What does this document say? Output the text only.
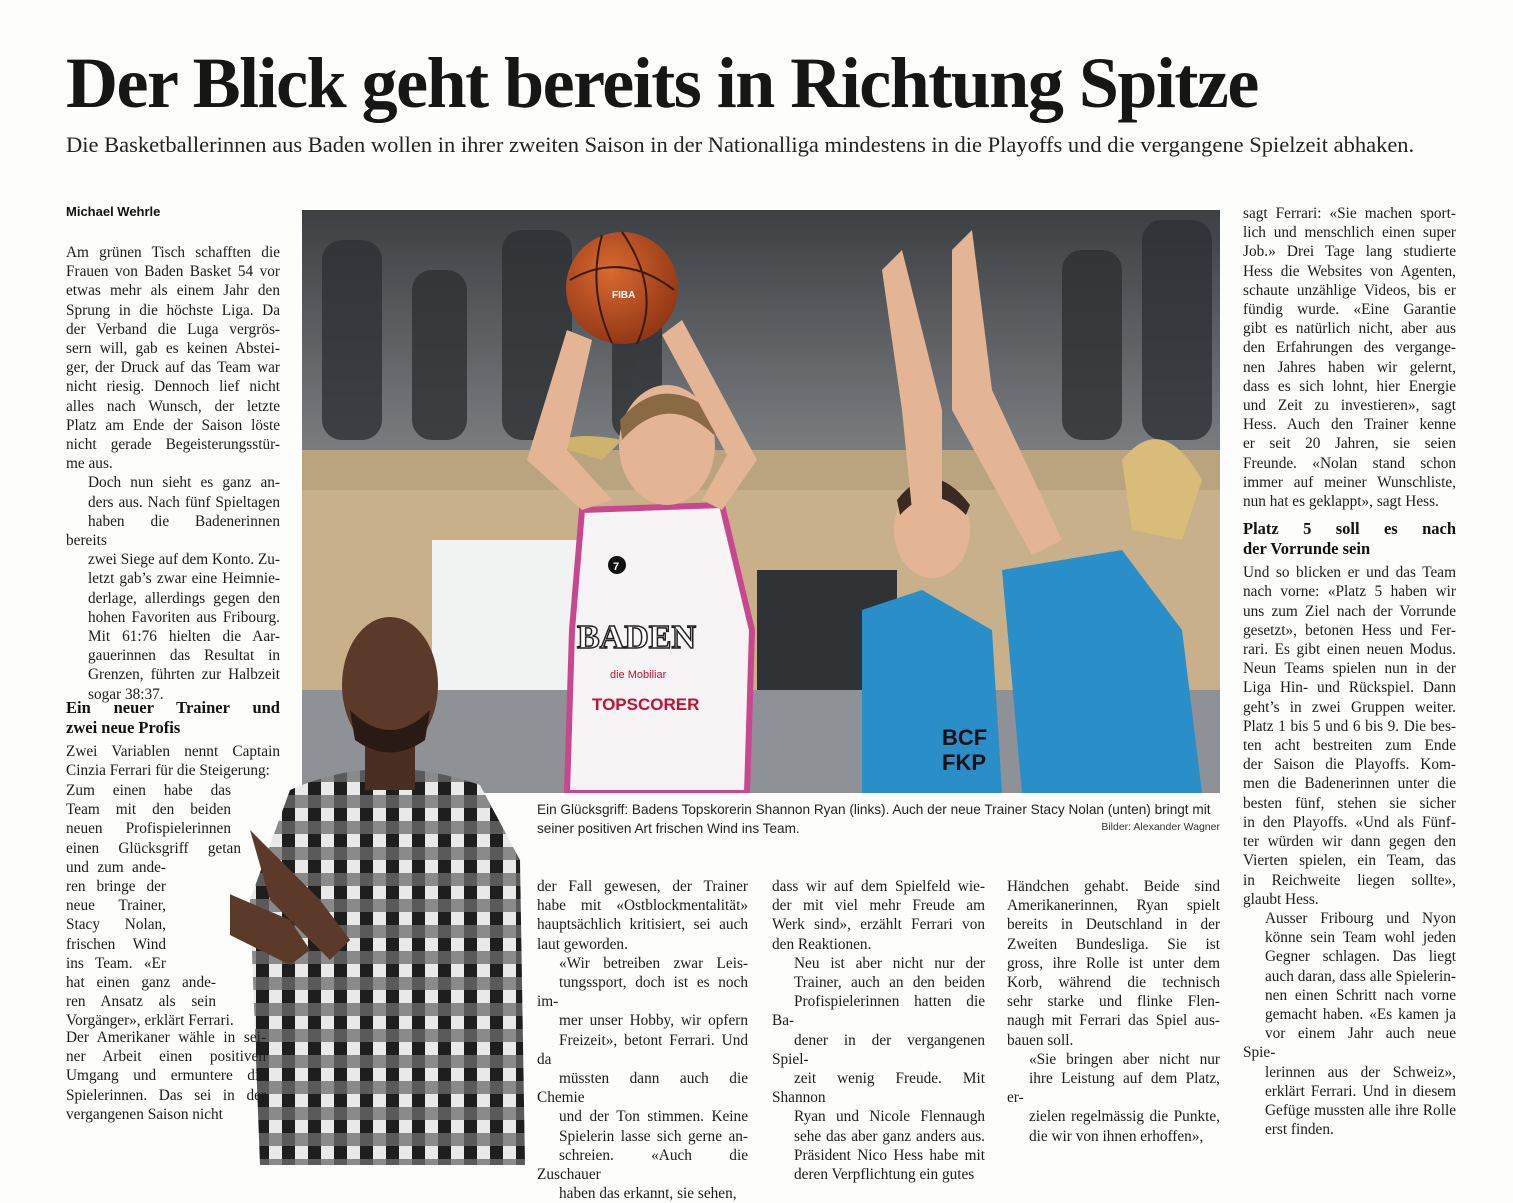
Der Blick geht bereits in Richtung Spitze
Die Basketballerinnen aus Baden wollen in ihrer zweiten Saison in der Nationalliga mindestens in die Playoffs und die vergangene Spielzeit abhaken.
Michael Wehrle
BCF
FKP
FIBA
7
BADEN
die Mobiliar
TOPSCORER
Ein Glücksgriff: Badens Topskorerin Shannon Ryan (links). Auch der neue Trainer Stacy Nolan (unten) bringt mit seiner positiven Art frischen Wind ins Team.	Bilder: Alexander Wagner

Am grünen Tisch schafften die
Frauen von Baden Basket 54 vor
etwas mehr als einem Jahr den
Sprung in die höchste Liga. Da
der Verband die Luga vergrös-
sern will, gab es keinen Abstei-
ger, der Druck auf das Team war
nicht riesig. Dennoch lief nicht
alles nach Wunsch, der letzte
Platz am Ende der Saison löste
nicht gerade Begeisterungsstür-
me aus.

Doch nun sieht es ganz an-
ders aus. Nach fünf Spieltagen
haben die Badenerinnen bereits
zwei Siege auf dem Konto. Zu-
letzt gab’s zwar eine Heimnie-
derlage, allerdings gegen den
hohen Favoriten aus Fribourg.
Mit 61:76 hielten die Aar-
gauerinnen das Resultat in
Grenzen, führten zur Halbzeit
sogar 38:37.

Ein neuer Trainer und
zwei neue Profis

Zwei Variablen nennt Captain
Cinzia Ferrari für die Steigerung:

Zum einen habe das
Team mit den beiden
neuen Profispielerinnen
einen Glücksgriff getan
und zum ande-
ren bringe der
neue Trainer,
Stacy Nolan,
frischen Wind
ins Team. «Er
hat einen ganz ande-
ren Ansatz als sein
Vorgänger», erklärt Ferrari.

Der Amerikaner wähle in sei-
ner Arbeit einen positiven
Umgang und ermuntere die
Spielerinnen. Das sei in der
vergangenen Saison nicht

der Fall gewesen, der Trainer
habe mit «Ostblockmentalität»
hauptsächlich kritisiert, sei auch
laut geworden.

«Wir betreiben zwar Leis-
tungssport, doch ist es noch im-
mer unser Hobby, wir opfern
Freizeit», betont Ferrari. Und da
müssten dann auch die Chemie
und der Ton stimmen. Keine
Spielerin lasse sich gerne an-
schreien. «Auch die Zuschauer
haben das erkannt, sie sehen,

dass wir auf dem Spielfeld wie-
der mit viel mehr Freude am
Werk sind», erzählt Ferrari von
den Reaktionen.

Neu ist aber nicht nur der
Trainer, auch an den beiden
Profispielerinnen hatten die Ba-
dener in der vergangenen Spiel-
zeit wenig Freude. Mit Shannon
Ryan und Nicole Flennaugh
sehe das aber ganz anders aus.
Präsident Nico Hess habe mit
deren Verpflichtung ein gutes

Händchen gehabt. Beide sind
Amerikanerinnen, Ryan spielt
bereits in Deutschland in der
Zweiten Bundesliga. Sie ist
gross, ihre Rolle ist unter dem
Korb, während die technisch
sehr starke und flinke Flen-
naugh mit Ferrari das Spiel aus-
bauen soll.

«Sie bringen aber nicht nur
ihre Leistung auf dem Platz, er-
zielen regelmässig die Punkte,
die wir von ihnen erhoffen»,

sagt Ferrari: «Sie machen sport-
lich und menschlich einen super
Job.» Drei Tage lang studierte
Hess die Websites von Agenten,
schaute unzählige Videos, bis er
fündig wurde. «Eine Garantie
gibt es natürlich nicht, aber aus
den Erfahrungen des vergange-
nen Jahres haben wir gelernt,
dass es sich lohnt, hier Energie
und Zeit zu investieren», sagt
Hess. Auch den Trainer kenne
er seit 20 Jahren, sie seien
Freunde. «Nolan stand schon
immer auf meiner Wunschliste,
nun hat es geklappt», sagt Hess.

Platz 5 soll es nach
der Vorrunde sein

Und so blicken er und das Team
nach vorne: «Platz 5 haben wir
uns zum Ziel nach der Vorrunde
gesetzt», betonen Hess und Fer-
rari. Es gibt einen neuen Modus.
Neun Teams spielen nun in der
Liga Hin- und Rückspiel. Dann
geht’s in zwei Gruppen weiter.
Platz 1 bis 5 und 6 bis 9. Die bes-
ten acht bestreiten zum Ende
der Saison die Playoffs. Kom-
men die Badenerinnen unter die
besten fünf, stehen sie sicher
in den Playoffs. «Und als Fünf-
ter würden wir dann gegen den
Vierten spielen, ein Team, das
in Reichweite liegen sollte»,
glaubt Hess.

Ausser Fribourg und Nyon
könne sein Team wohl jeden
Gegner schlagen. Das liegt
auch daran, dass alle Spielerin-
nen einen Schritt nach vorne
gemacht haben. «Es kamen ja
vor einem Jahr auch neue Spie-
lerinnen aus der Schweiz»,
erklärt Ferrari. Und in diesem
Gefüge mussten alle ihre Rolle
erst finden.
